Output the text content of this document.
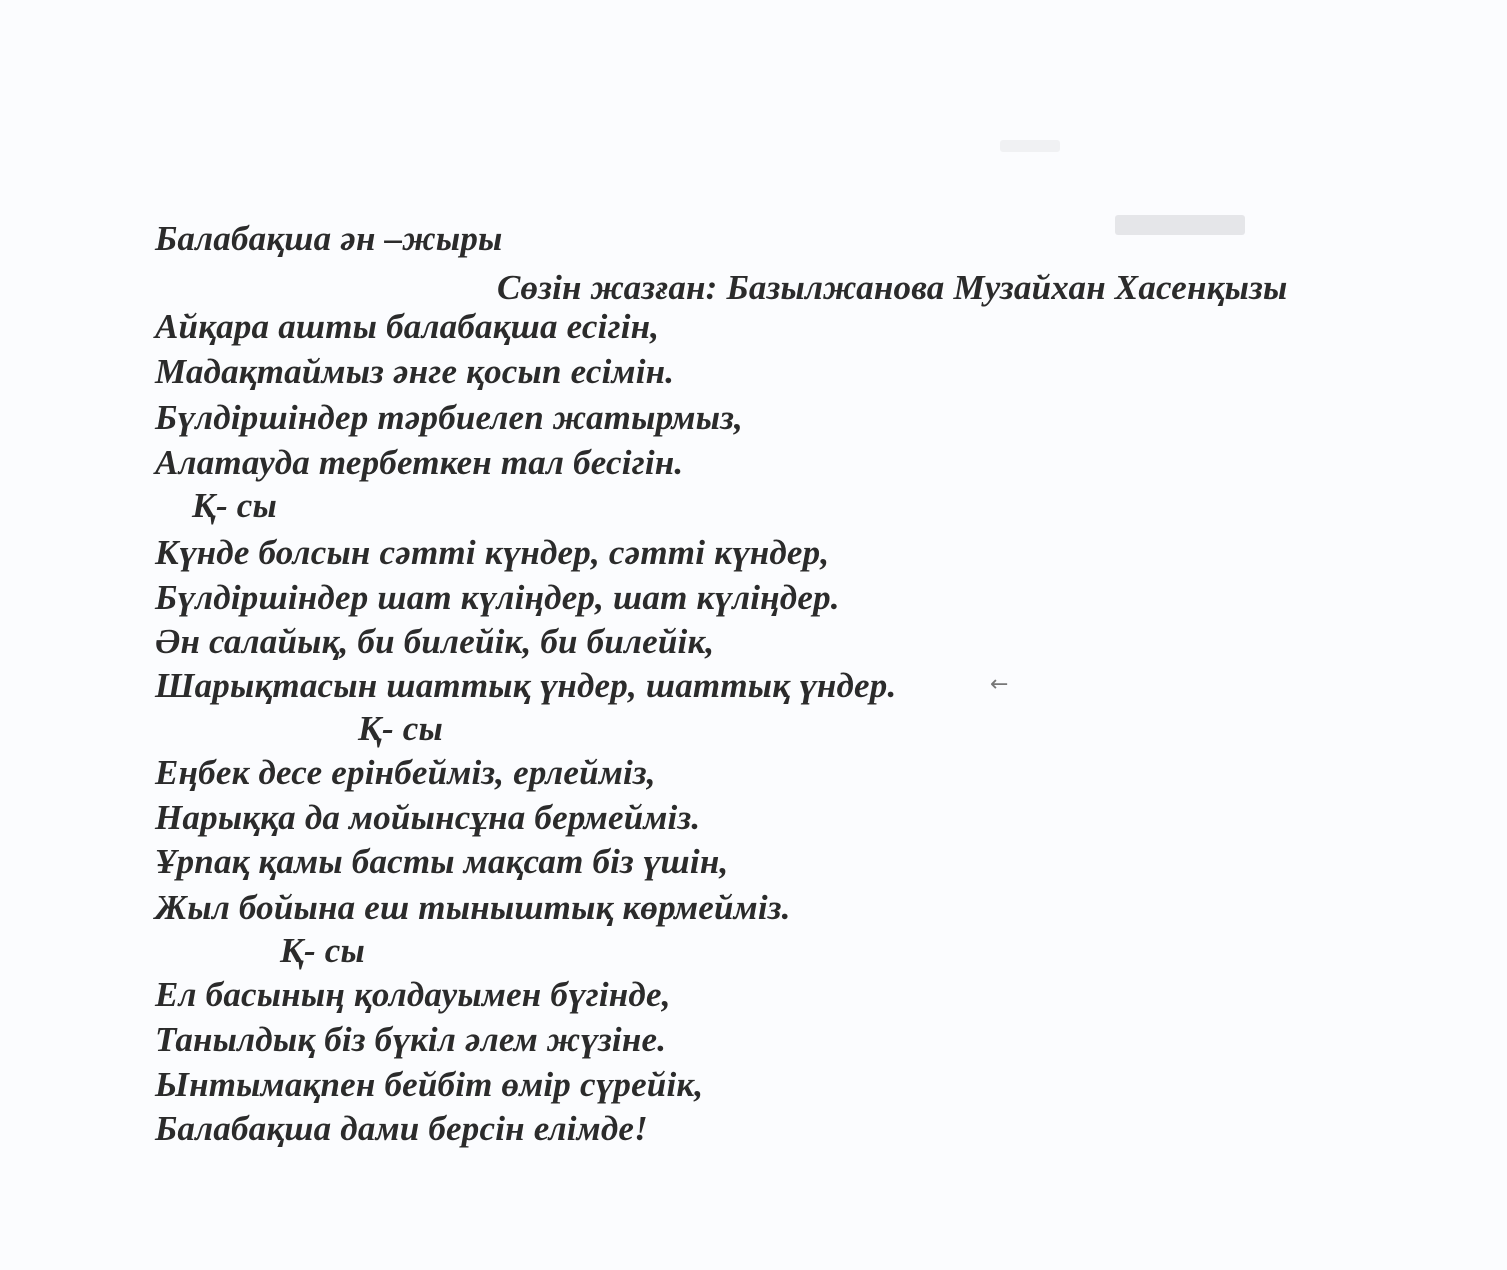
Балабақша ән –жыры
Сөзін жазған: Базылжанова Музайхан Хасенқызы
Айқара ашты балабақша есігін,
Мадақтаймыз әнге қосып есімін.
Бүлдіршіндер тәрбиелеп жатырмыз,
Алатауда тербеткен тал бесігін.
Қ- сы
Күнде болсын сәтті күндер, сәтті күндер,
Бүлдіршіндер шат күліңдер, шат күліңдер.
Ән салайық, би билейік, би билейік,
Шарықтасын шаттық үндер, шаттық үндер.	←
Қ- сы
Еңбек десе ерінбейміз, ерлейміз,
Нарыққа да мойынсұна бермейміз.
Ұрпақ қамы басты мақсат біз үшін,
Жыл бойына еш тыныштық көрмейміз.
Қ- сы
Ел басының қолдауымен бүгінде,
Танылдық біз бүкіл әлем жүзіне.
Ынтымақпен бейбіт өмір сүрейік,
Балабақша дами берсін елімде!
